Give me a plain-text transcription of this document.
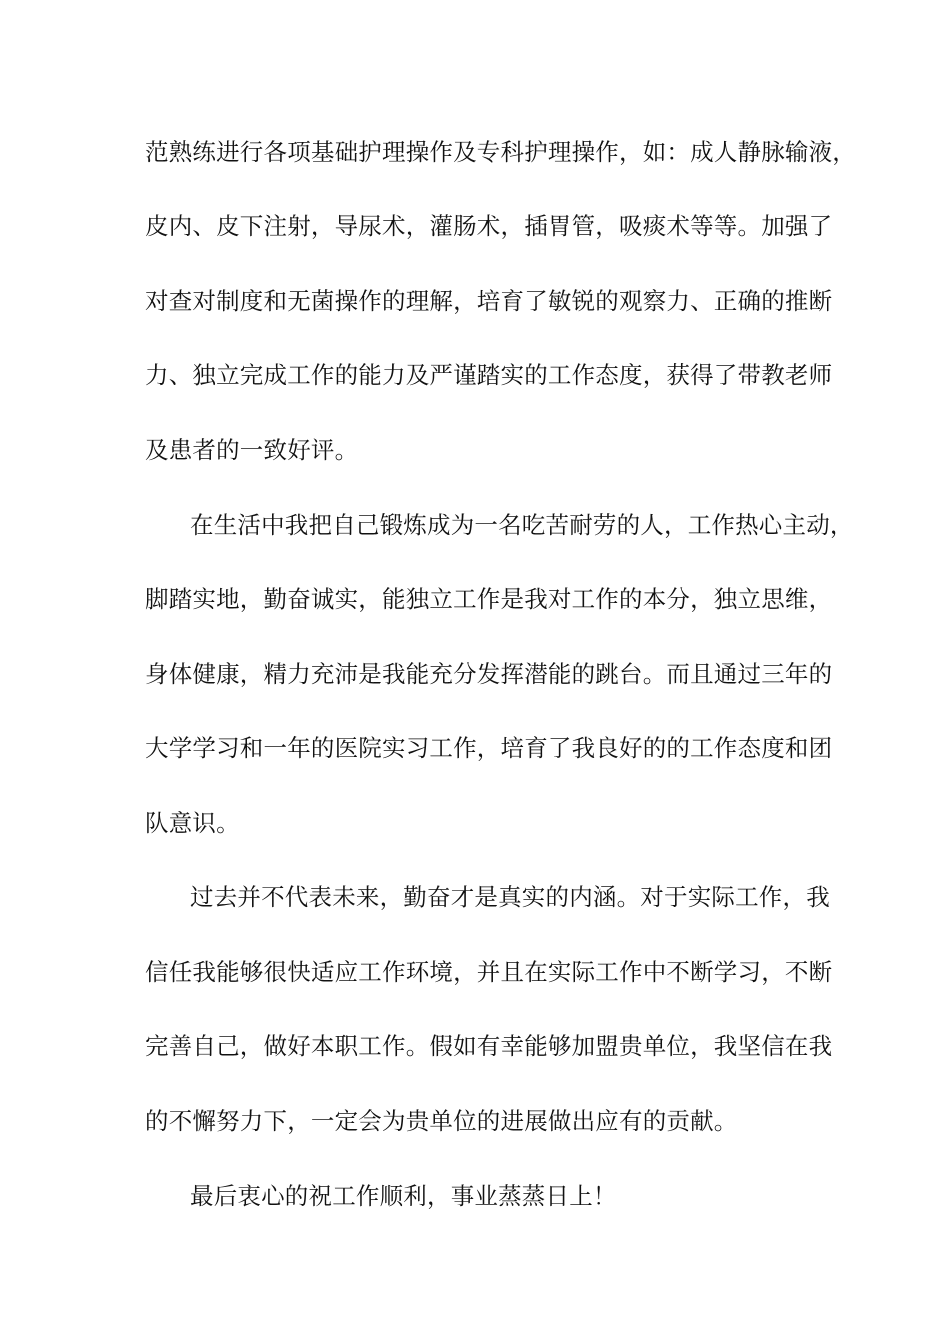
范熟练进行各项基础护理操作及专科护理操作，如：成人静脉输液，
皮内、皮下注射，导尿术，灌肠术，插胃管，吸痰术等等。加强了
对查对制度和无菌操作的理解，培育了敏锐的观察力、正确的推断
力、独立完成工作的能力及严谨踏实的工作态度，获得了带教老师
及患者的一致好评。
在生活中我把自己锻炼成为一名吃苦耐劳的人，工作热心主动，
脚踏实地，勤奋诚实，能独立工作是我对工作的本分，独立思维，
身体健康，精力充沛是我能充分发挥潜能的跳台。而且通过三年的
大学学习和一年的医院实习工作，培育了我良好的的工作态度和团
队意识。
过去并不代表未来，勤奋才是真实的内涵。对于实际工作，我
信任我能够很快适应工作环境，并且在实际工作中不断学习，不断
完善自己，做好本职工作。假如有幸能够加盟贵单位，我坚信在我
的不懈努力下，一定会为贵单位的进展做出应有的贡献。
最后衷心的祝工作顺利，事业蒸蒸日上！
